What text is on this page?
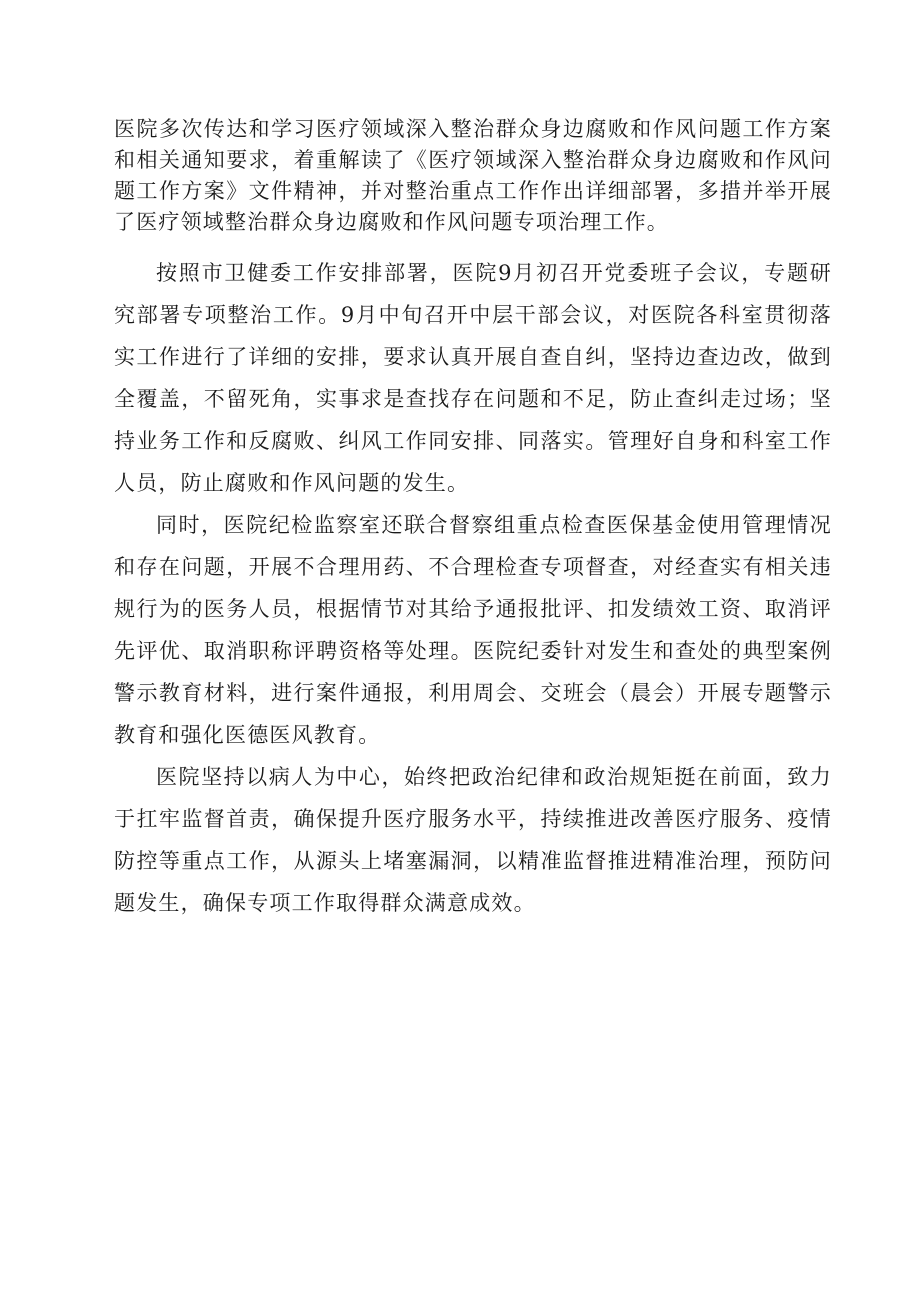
医院多次传达和学习医疗领域深入整治群众身边腐败和作风问题工作方案和相关通知要求，着重解读了《医疗领域深入整治群众身边腐败和作风问题工作方案》文件精神，并对整治重点工作作出详细部署，多措并举开展了医疗领域整治群众身边腐败和作风问题专项治理工作。

按照市卫健委工作安排部署，医院9月初召开党委班子会议，专题研究部署专项整治工作。9月中旬召开中层干部会议，对医院各科室贯彻落实工作进行了详细的安排，要求认真开展自查自纠，坚持边查边改，做到全覆盖，不留死角，实事求是查找存在问题和不足，防止查纠走过场；坚持业务工作和反腐败、纠风工作同安排、同落实。管理好自身和科室工作人员，防止腐败和作风问题的发生。

同时，医院纪检监察室还联合督察组重点检查医保基金使用管理情况和存在问题，开展不合理用药、不合理检查专项督查，对经查实有相关违规行为的医务人员，根据情节对其给予通报批评、扣发绩效工资、取消评先评优、取消职称评聘资格等处理。医院纪委针对发生和查处的典型案例警示教育材料，进行案件通报，利用周会、交班会（晨会）开展专题警示教育和强化医德医风教育。

医院坚持以病人为中心，始终把政治纪律和政治规矩挺在前面，致力于扛牢监督首责，确保提升医疗服务水平，持续推进改善医疗服务、疫情防控等重点工作，从源头上堵塞漏洞，以精准监督推进精准治理，预防问题发生，确保专项工作取得群众满意成效。
